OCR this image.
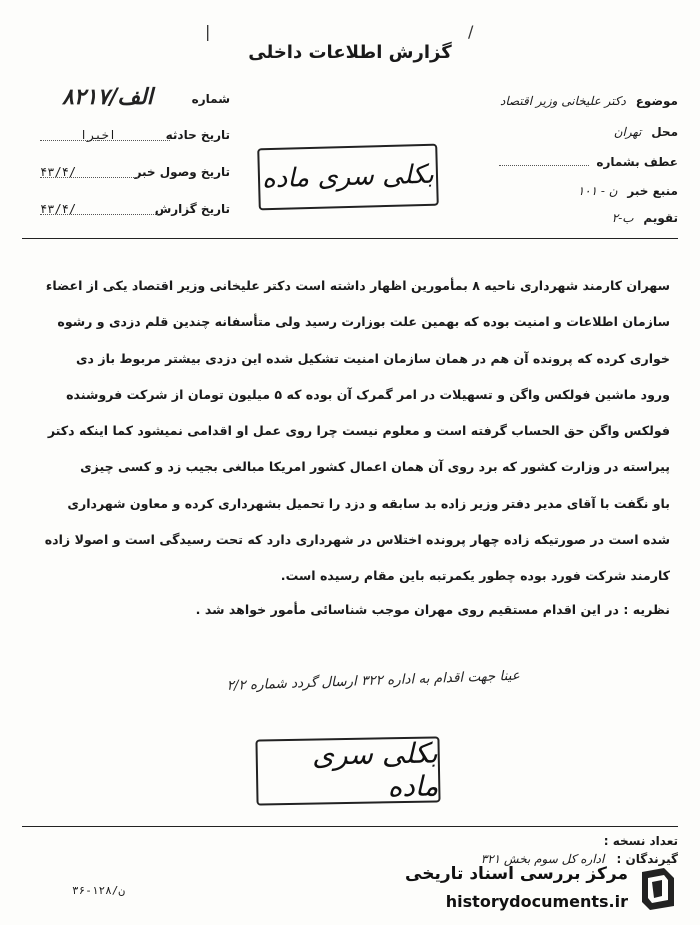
|	/
گزارش اطلاعات داخلی
موضوع دکتر علیخانی وزیر اقتصاد
محل تهران
عطف بشماره
منبع خبر ن - ۱۰۱
تقویم ب-۲
شماره
۸۲۱۷/الف
تاریخ حادثه
اخیرا
تاریخ وصول خبر
۴۳/۴/
تاریخ گزارش
۴۳/۴/
بکلی سری ماده

سهران کارمند شهرداری ناحیه ۸ بمأمورین اظهار داشته است دکتر علیخانی وزیر اقتصاد یکی از اعضاء

سازمان اطلاعات و امنیت بوده که بهمین علت بوزارت رسید ولی متأسفانه چندین قلم دزدی و رشوه

خواری کرده که پرونده آن هم در همان سازمان امنیت تشکیل شده این دزدی بیشتر مربوط باز دی

ورود ماشین فولکس واگن و تسهیلات در امر گمرک آن بوده که ۵ میلیون تومان از شرکت فروشنده

فولکس واگن حق الحساب گرفته است و معلوم نیست چرا روی عمل او اقدامی نمیشود کما اینکه دکتر

پیراسته در وزارت کشور که برد روی آن همان اعمال کشور امریکا مبالغی بجیب زد و کسی چیزی

باو نگفت با آقای مدیر دفتر وزیر زاده بد سابقه و دزد را تحمیل بشهرداری کرده و معاون شهرداری

شده است در صورتیکه زاده چهار پرونده اختلاس در شهرداری دارد که تحت رسیدگی است و اصولا زاده

کارمند شرکت فورد بوده چطور یکمرتبه باین مقام رسیده است.

نظریه : در این اقدام مستقیم روی مهران موجب شناسائی مأمور خواهد شد .
عینا جهت اقدام به اداره ۳۲۲ ارسال گردد شماره ۲/۲
بکلی سری ماده
تعداد نسخه :
گیرندگان : اداره کل سوم بخش ۳۲۱
۳۶-۱۲۸/ن
مرکز بررسی اسناد تاریخی
historydocuments.ir
